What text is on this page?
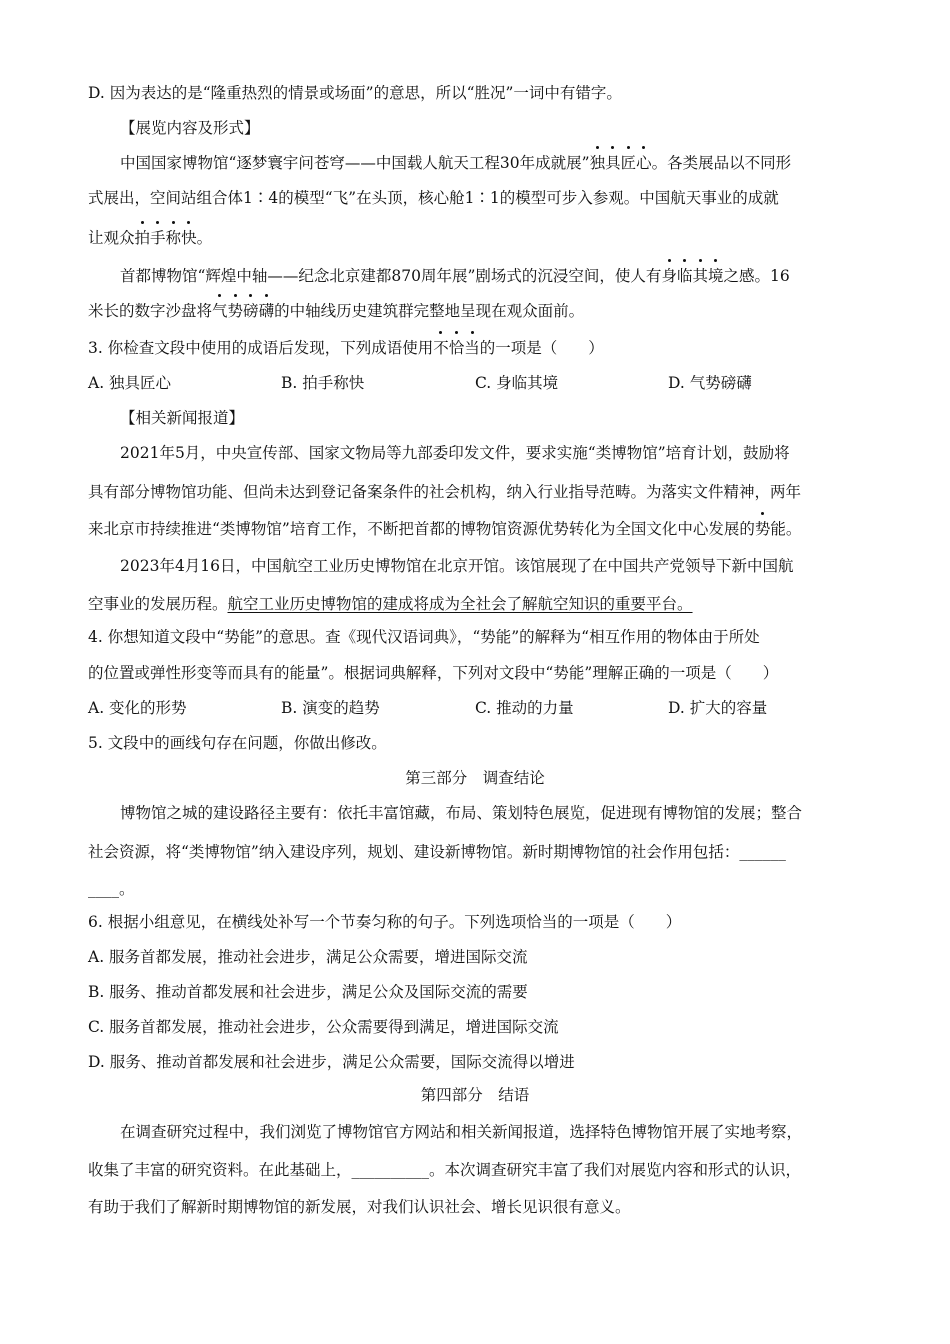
D. 因为表达的是“隆重热烈的情景或场面”的意思，所以“胜况”一词中有错字。
【展览内容及形式】
中国国家博物馆“逐梦寰宇问苍穹——中国载人航天工程30年成就展”独具匠心。各类展品以不同形
式展出，空间站组合体1∶4的模型“飞”在头顶，核心舱1∶1的模型可步入参观。中国航天事业的成就
让观众拍手称快。
首都博物馆“辉煌中轴——纪念北京建都870周年展”剧场式的沉浸空间，使人有身临其境之感。16
米长的数字沙盘将气势磅礴的中轴线历史建筑群完整地呈现在观众面前。
3. 你检查文段中使用的成语后发现，下列成语使用不恰当的一项是（　　）
A. 独具匠心	B. 拍手称快	C. 身临其境	D. 气势磅礴
【相关新闻报道】
2021年5月，中央宣传部、国家文物局等九部委印发文件，要求实施“类博物馆”培育计划，鼓励将
具有部分博物馆功能、但尚未达到登记备案条件的社会机构，纳入行业指导范畴。为落实文件精神，两年
来北京市持续推进“类博物馆”培育工作，不断把首都的博物馆资源优势转化为全国文化中心发展的势能。
2023年4月16日，中国航空工业历史博物馆在北京开馆。该馆展现了在中国共产党领导下新中国航
空事业的发展历程。航空工业历史博物馆的建成将成为全社会了解航空知识的重要平台。
4. 你想知道文段中“势能”的意思。查《现代汉语词典》，“势能”的解释为“相互作用的物体由于所处
的位置或弹性形变等而具有的能量”。根据词典解释，下列对文段中“势能”理解正确的一项是（　　）
A. 变化的形势	B. 演变的趋势	C. 推动的力量	D. 扩大的容量
5. 文段中的画线句存在问题，你做出修改。
第三部分　调查结论
博物馆之城的建设路径主要有：依托丰富馆藏，布局、策划特色展览，促进现有博物馆的发展；整合
社会资源，将“类博物馆”纳入建设序列，规划、建设新博物馆。新时期博物馆的社会作用包括：______
____。
6. 根据小组意见，在横线处补写一个节奏匀称的句子。下列选项恰当的一项是（　　）
A. 服务首都发展，推动社会进步，满足公众需要，增进国际交流
B. 服务、推动首都发展和社会进步，满足公众及国际交流的需要
C. 服务首都发展，推动社会进步，公众需要得到满足，增进国际交流
D. 服务、推动首都发展和社会进步，满足公众需要，国际交流得以增进
第四部分　结语
在调查研究过程中，我们浏览了博物馆官方网站和相关新闻报道，选择特色博物馆开展了实地考察，
收集了丰富的研究资料。在此基础上，__________。本次调查研究丰富了我们对展览内容和形式的认识，
有助于我们了解新时期博物馆的新发展，对我们认识社会、增长见识很有意义。
